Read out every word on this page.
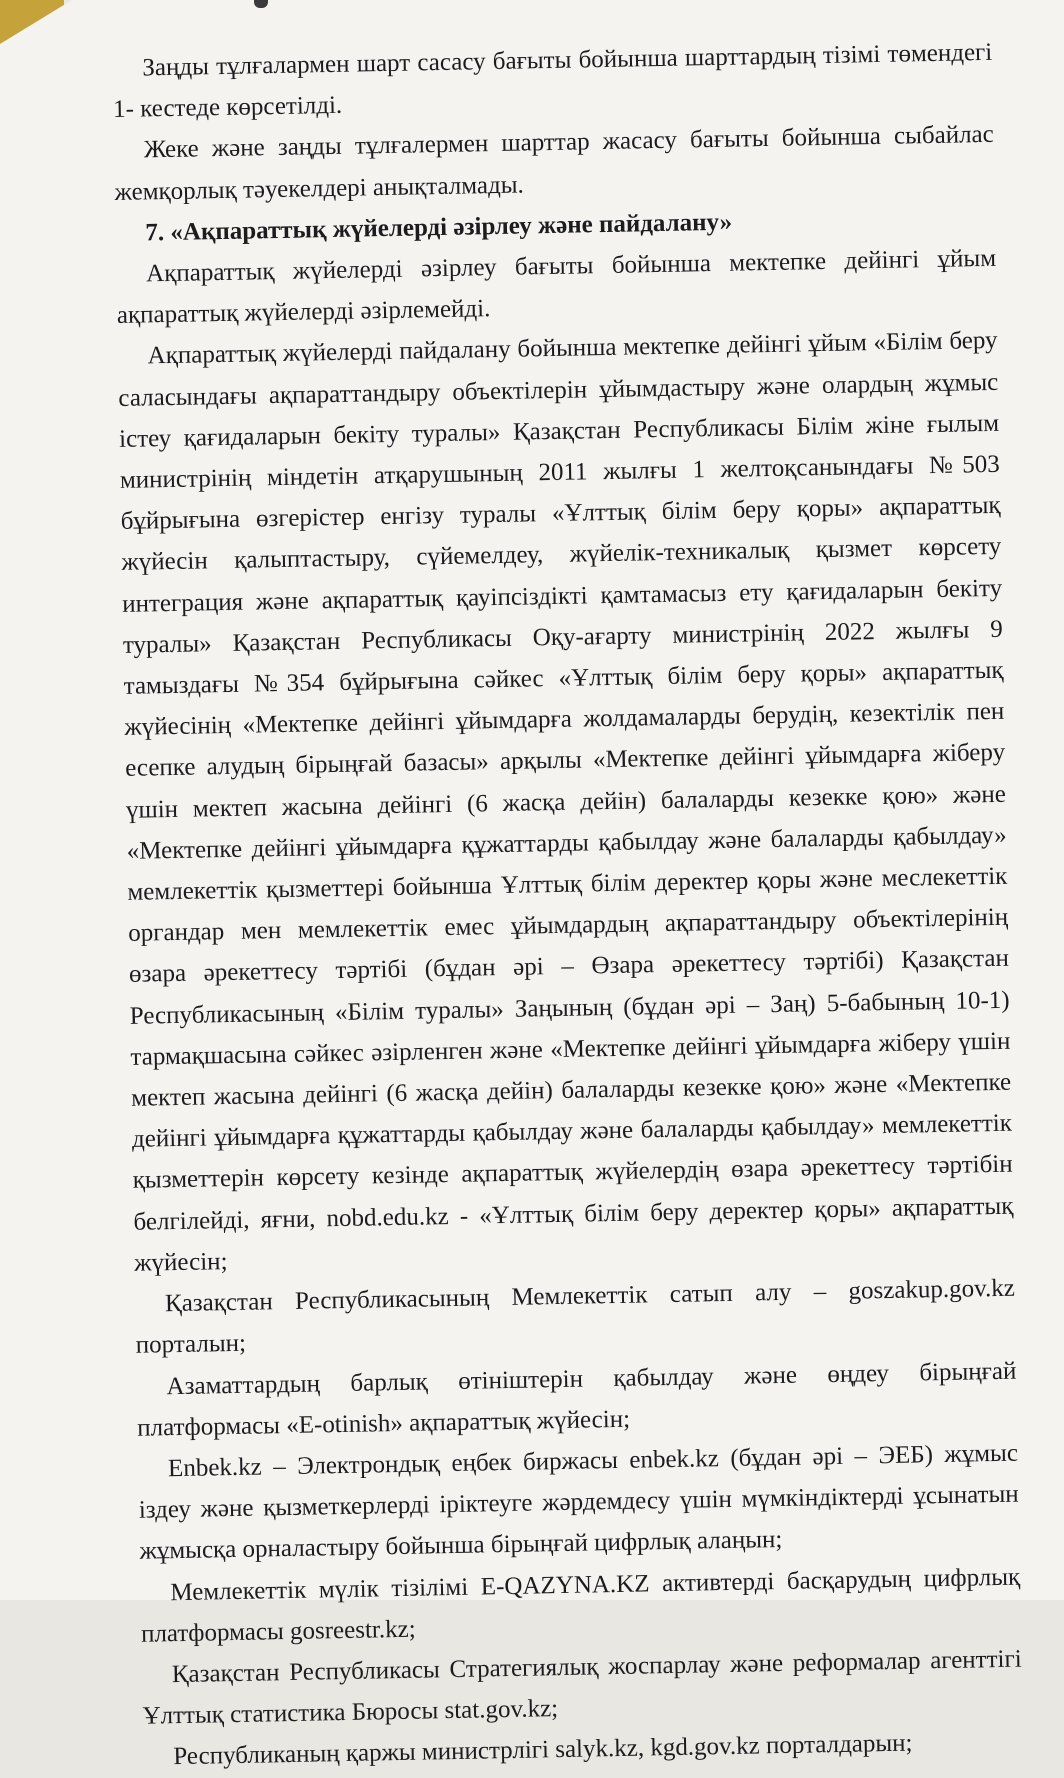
Заңды тұлғалармен шарт сасасу бағыты бойынша шарттардың тізімі төмендегі 1- кестеде көрсетілді.

Жеке және заңды тұлғалермен шарттар жасасу бағыты бойынша сыбайлас жемқорлық тәуекелдері анықталмады.

7. «Ақпараттық жүйелерді әзірлеу және пайдалану»

Ақпараттық жүйелерді әзірлеу бағыты бойынша мектепке дейінгі ұйым ақпараттық жүйелерді әзірлемейді.

Ақпараттық жүйелерді пайдалану бойынша мектепке дейінгі ұйым «Білім беру саласындағы ақпараттандыру объектілерін ұйымдастыру және олардың жұмыс істеу қағидаларын бекіту туралы» Қазақстан Республикасы Білім жіне ғылым министрінің міндетін атқарушының 2011 жылғы 1 желтоқсанындағы №503 бұйрығына өзгерістер енгізу туралы «Ұлттық білім беру қоры» ақпараттық жүйесін қалыптастыру, сүйемелдеу, жүйелік-техникалық қызмет көрсету интеграция және ақпараттық қауіпсіздікті қамтамасыз ету қағидаларын бекіту туралы» Қазақстан Республикасы Оқу-ағарту министрінің 2022 жылғы 9 тамыздағы №354 бұйрығына сәйкес «Ұлттық білім беру қоры» ақпараттық жүйесінің «Мектепке дейінгі ұйымдарға жолдамаларды берудің, кезектілік пен есепке алудың бірыңғай базасы» арқылы «Мектепке дейінгі ұйымдарға жіберу үшін мектеп жасына дейінгі (6 жасқа дейін) балаларды кезекке қою» және «Мектепке дейінгі ұйымдарға құжаттарды қабылдау және балаларды қабылдау» мемлекеттік қызметтері бойынша Ұлттық білім деректер қоры және меслекеттік органдар мен мемлекеттік емес ұйымдардың ақпараттандыру объектілерінің өзара әрекеттесу тәртібі (бұдан әрі – Өзара әрекеттесу тәртібі) Қазақстан Республикасының «Білім туралы» Заңының (бұдан әрі – Заң) 5-бабының 10-1) тармақшасына сәйкес әзірленген және «Мектепке дейінгі ұйымдарға жіберу үшін мектеп жасына дейінгі (6 жасқа дейін) балаларды кезекке қою» және «Мектепке дейінгі ұйымдарға құжаттарды қабылдау және балаларды қабылдау» мемлекеттік қызметтерін көрсету кезінде ақпараттық жүйелердің өзара әрекеттесу тәртібін белгілейді, яғни, nobd.edu.kz - «Ұлттық білім беру деректер қоры» ақпараттық жүйесін;

Қазақстан Республикасының Мемлекеттік сатып алу – goszakup.gov.kz порталын;

Азаматтардың барлық өтініштерін қабылдау және өңдеу бірыңғай платформасы «E-otinish» ақпараттық жүйесін;

Enbek.kz – Электрондық еңбек биржасы enbek.kz (бұдан әрі – ЭЕБ) жұмыс іздеу және қызметкерлерді іріктеуге жәрдемдесу үшін мүмкіндіктерді ұсынатын жұмысқа орналастыру бойынша бірыңғай цифрлық алаңын;

Мемлекеттік мүлік тізілімі E-QAZYNA.KZ активтерді басқарудың цифрлық платформасы gosreestr.kz;

Қазақстан Республикасы Стратегиялық жоспарлау және реформалар агенттігі Ұлттық статистика Бюросы stat.gov.kz;

Республиканың қаржы министрлігі salyk.kz, kgd.gov.kz порталдарын;
